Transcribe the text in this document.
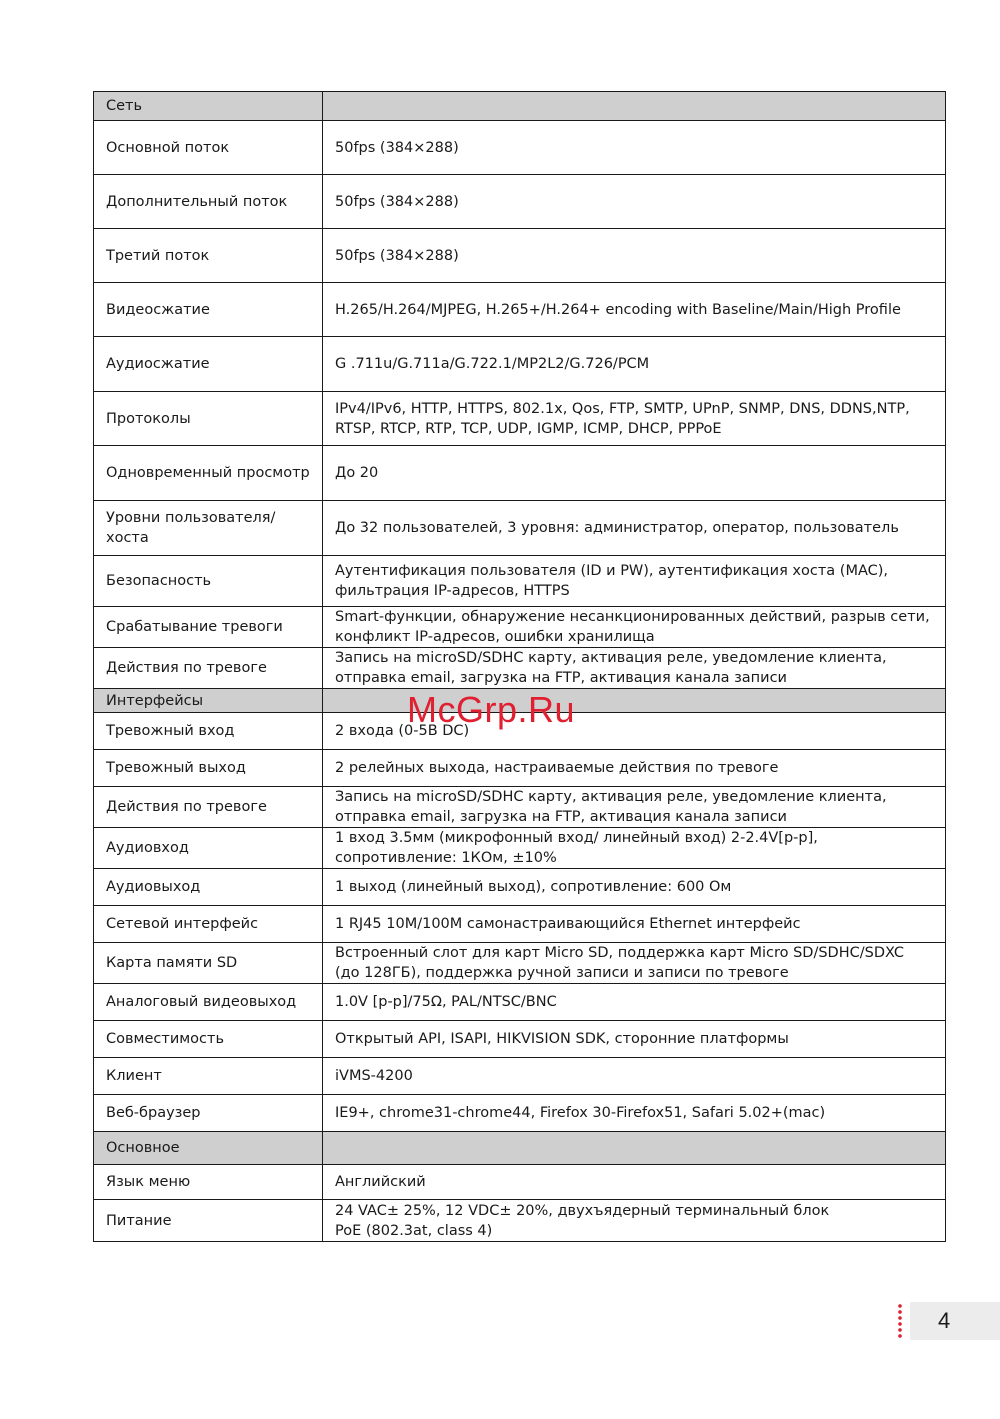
Сеть	
Основной поток	50fps (384×288)
Дополнительный поток	50fps (384×288)
Третий поток	50fps (384×288)
Видеосжатие	H.265/H.264/MJPEG, H.265+/H.264+ encoding with Baseline/Main/High Profile
Аудиосжатие	G .711u/G.711a/G.722.1/MP2L2/G.726/PCM
Протоколы	IPv4/IPv6, HTTP, HTTPS, 802.1x, Qos, FTP, SMTP, UPnP, SNMP, DNS, DDNS,NTP, RTSP, RTCP, RTP, TCP, UDP, IGMP, ICMP, DHCP, PPPoE
Одновременный просмотр	До 20
Уровни пользователя/хоста	До 32 пользователей, 3 уровня: администратор, оператор, пользователь
Безопасность	Аутентификация пользователя (ID и PW), аутентификация хоста (MAC), фильтрация IP-адресов, HTTPS
Срабатывание тревоги	Smart-функции, обнаружение несанкционированных действий, разрыв сети, конфликт IP-адресов, ошибки хранилища
Действия по тревоге	Запись на microSD/SDHC карту, активация реле, уведомление клиента, отправка email, загрузка на FTP, активация канала записи
Интерфейсы	
Тревожный вход	2 входа (0-5В DC)
Тревожный выход	2 релейных выхода, настраиваемые действия по тревоге
Действия по тревоге	Запись на microSD/SDHC карту, активация реле, уведомление клиента, отправка email, загрузка на FTP, активация канала записи
Аудиовход	1 вход 3.5мм (микрофонный вход/ линейный вход) 2-2.4V[p-p], сопротивление: 1КОм, ±10%
Аудиовыход	1 выход (линейный выход), сопротивление: 600 Ом
Сетевой интерфейс	1 RJ45 10M/100M самонастраивающийся Ethernet интерфейс
Карта памяти SD	Встроенный слот для карт Micro SD, поддержка карт Micro SD/SDHC/SDXC (до 128ГБ), поддержка ручной записи и записи по тревоге
Аналоговый видеовыход	1.0V [p-p]/75Ω, PAL/NTSC/BNC
Совместимость	Открытый API, ISAPI, HIKVISION SDK, сторонние платформы
Клиент	iVMS-4200
Веб-браузер	IE9+, chrome31-chrome44, Firefox 30-Firefox51, Safari 5.02+(mac)
Основное	
Язык меню	Английский
Питание	24 VAC± 25%, 12 VDC± 20%, двухъядерный терминальный блок
PoE (802.3at, class 4)
McGrp.Ru
4
